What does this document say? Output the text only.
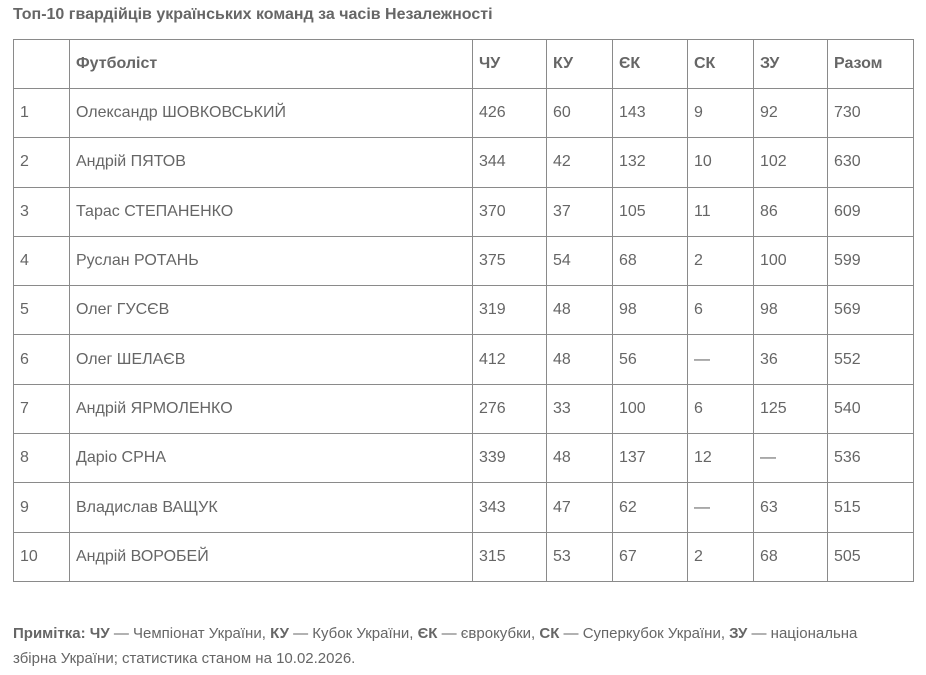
Топ-10 гвардійців українських команд за часів Незалежності
	Футболіст	ЧУ	КУ	ЄК	СК	ЗУ	Разом
1	Олександр ШОВКОВСЬКИЙ	426	60	143	9	92	730
2	Андрій ПЯТОВ	344	42	132	10	102	630
3	Тарас СТЕПАНЕНКО	370	37	105	11	86	609
4	Руслан РОТАНЬ	375	54	68	2	100	599
5	Олег ГУСЄВ	319	48	98	6	98	569
6	Олег ШЕЛАЄВ	412	48	56	—	36	552
7	Андрій ЯРМОЛЕНКО	276	33	100	6	125	540
8	Даріо СРНА	339	48	137	12	—	536
9	Владислав ВАЩУК	343	47	62	—	63	515
10	Андрій ВОРОБЕЙ	315	53	67	2	68	505
Примітка: ЧУ — Чемпіонат України, КУ — Кубок України, ЄК — єврокубки, СК — Суперкубок України, ЗУ — національна збірна України; статистика станом на 10.02.2026.
